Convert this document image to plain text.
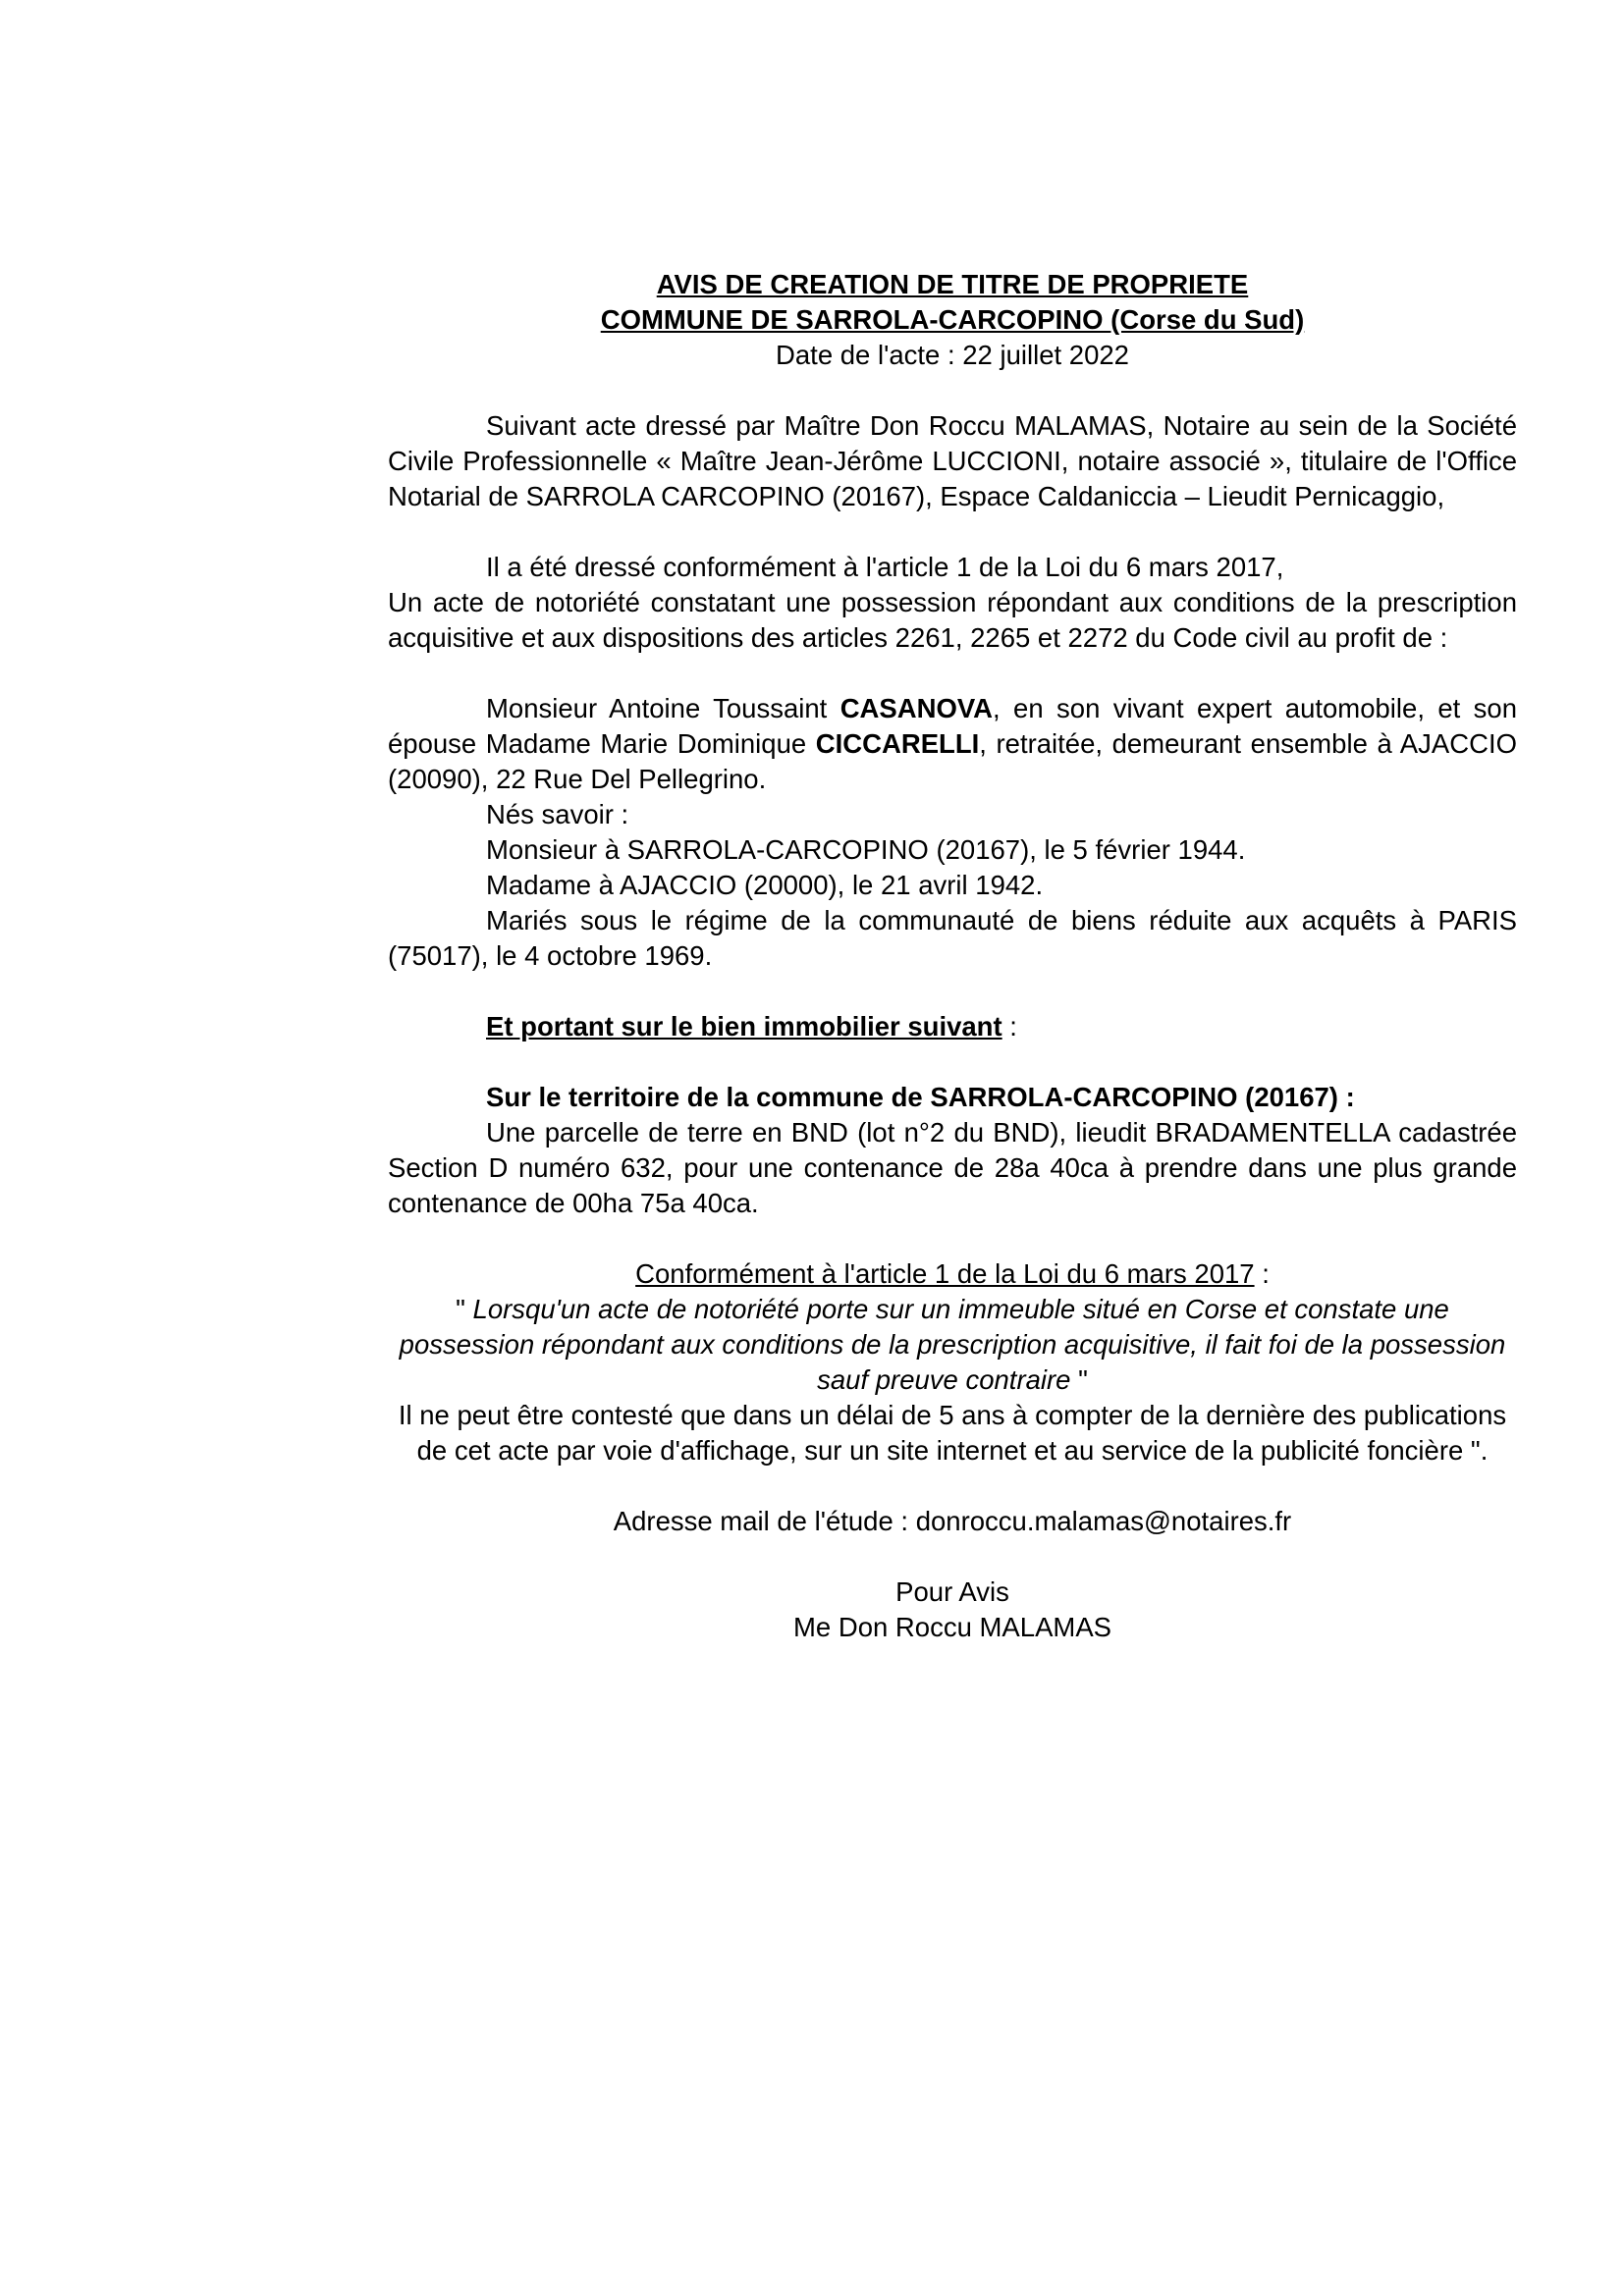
AVIS DE CREATION DE TITRE DE PROPRIETE

COMMUNE DE SARROLA-CARCOPINO (Corse du Sud)

Date de l'acte : 22 juillet 2022

Suivant acte dressé par Maître Don Roccu MALAMAS, Notaire au sein de la Société Civile Professionnelle « Maître Jean-Jérôme LUCCIONI, notaire associé », titulaire de l'Office Notarial de SARROLA CARCOPINO (20167), Espace Caldaniccia – Lieudit Pernicaggio,

Il a été dressé conformément à l'article 1 de la Loi du 6 mars 2017,

Un acte de notoriété constatant une possession répondant aux conditions de la prescription acquisitive et aux dispositions des articles 2261, 2265 et 2272 du Code civil au profit de :

Monsieur Antoine Toussaint CASANOVA, en son vivant expert automobile, et son épouse Madame Marie Dominique CICCARELLI, retraitée, demeurant ensemble à AJACCIO (20090), 22 Rue Del Pellegrino.

Nés savoir :

Monsieur à SARROLA-CARCOPINO (20167), le 5 février 1944.

Madame à AJACCIO (20000), le 21 avril 1942.

Mariés sous le régime de la communauté de biens réduite aux acquêts à PARIS (75017), le 4 octobre 1969.

Et portant sur le bien immobilier suivant :

Sur le territoire de la commune de SARROLA-CARCOPINO (20167) :

Une parcelle de terre en BND (lot n°2 du BND), lieudit BRADAMENTELLA cadastrée Section D numéro 632, pour une contenance de 28a 40ca à prendre dans une plus grande contenance de 00ha 75a 40ca.

Conformément à l'article 1 de la Loi du 6 mars 2017 :

" Lorsqu'un acte de notoriété porte sur un immeuble situé en Corse et constate une possession répondant aux conditions de la prescription acquisitive, il fait foi de la possession sauf preuve contraire "

Il ne peut être contesté que dans un délai de 5 ans à compter de la dernière des publications de cet acte par voie d'affichage, sur un site internet et au service de la publicité foncière ".

Adresse mail de l'étude : donroccu.malamas@notaires.fr

Pour Avis

Me Don Roccu MALAMAS
